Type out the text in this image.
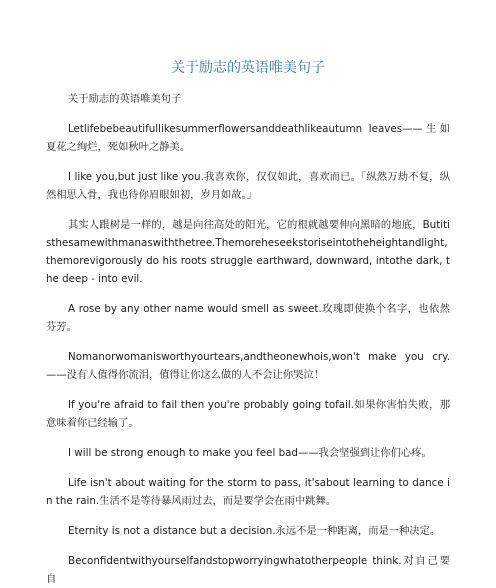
关于励志的英语唯美句子

关于励志的英语唯美句子

Letlifebebeautifullikesummerflowersanddeathlikeautumn leaves——生如夏花之绚烂，死如秋叶之静美。

I like you,but just like you.我喜欢你，仅仅如此，喜欢而已。「纵然万劫不复，纵然相思入骨，我也待你眉眼如初，岁月如故。」

其实人跟树是一样的，越是向往高处的阳光，它的根就越要伸向黑暗的地底，Butitisthesamewithmanaswiththetree.Themoreheseekstoriseintotheheightandlight,themorevigorously do his roots struggle earthward, downward, intothe dark, the deep - into evil.

A rose by any other name would smell as sweet.玫瑰即使换个名字，也依然芬芳。

Nomanorwomanisworthyourtears,andtheonewhois,won't make you cry.——没有人值得你流泪，值得让你这么做的人不会让你哭泣！

If you're afraid to fail then you're probably going tofail.如果你害怕失败，那意味着你已经输了。

I will be strong enough to make you feel bad——我会坚强到让你们心疼。

Life isn't about waiting for the storm to pass, it'sabout learning to dance in the rain.生活不是等待暴风雨过去，而是要学会在雨中跳舞。

Eternity is not a distance but a decision.永远不是一种距离，而是一种决定。

Beconfidentwithyourselfandstopworryingwhatotherpeople think.对自己要自
